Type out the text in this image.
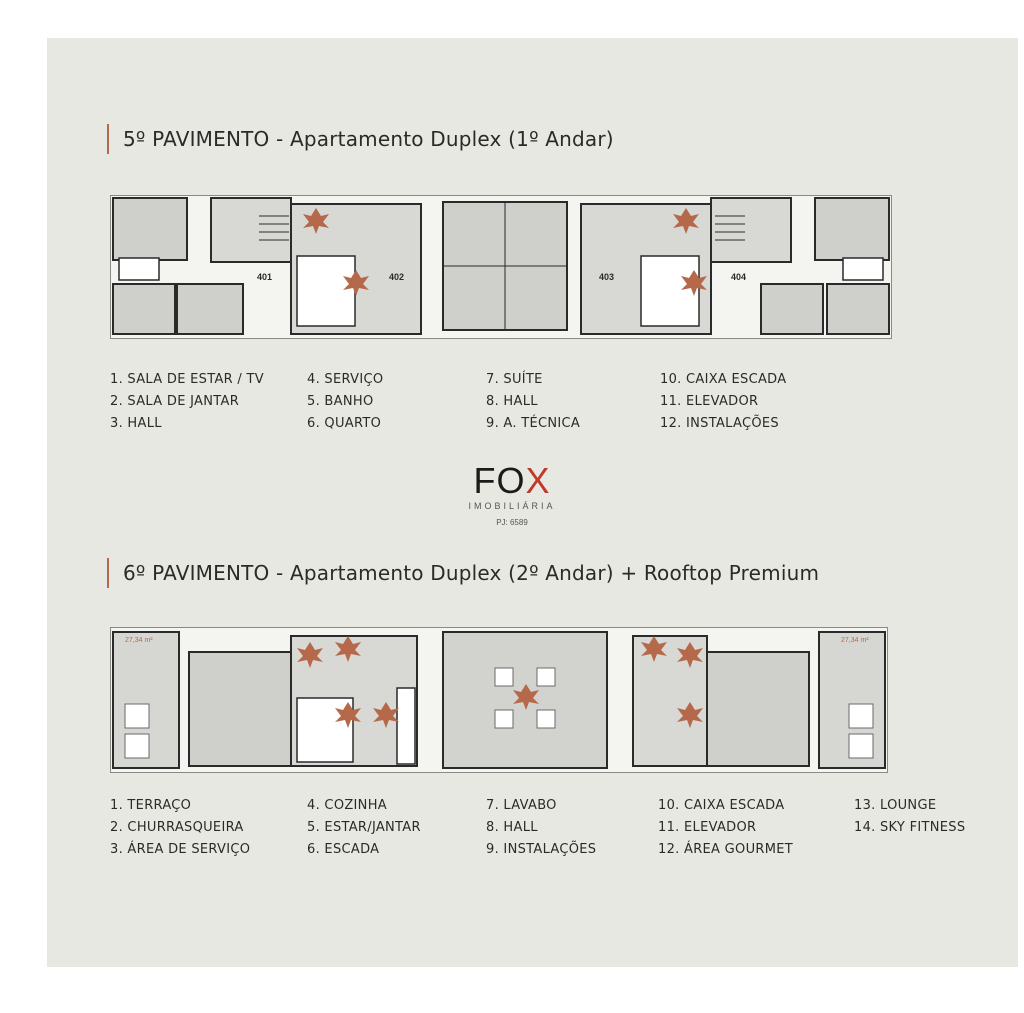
5º PAVIMENTO - Apartamento Duplex (1º Andar)
401	402	403	404
1. SALA DE ESTAR / TV
2. SALA DE JANTAR
3. HALL
4. SERVIÇO
5. BANHO
6. QUARTO
7. SUÍTE
8. HALL
9. A. TÉCNICA
10. CAIXA ESCADA
11. ELEVADOR
12. INSTALAÇÕES
FOX
IMOBILIÁRIA
PJ: 6589
6º PAVIMENTO - Apartamento Duplex (2º Andar) + Rooftop Premium
27,34 m²	27,34 m²
1. TERRAÇO
2. CHURRASQUEIRA
3. ÁREA DE SERVIÇO
4. COZINHA
5. ESTAR/JANTAR
6. ESCADA
7. LAVABO
8. HALL
9. INSTALAÇÕES
10. CAIXA ESCADA
11. ELEVADOR
12. ÁREA GOURMET
13. LOUNGE
14. SKY FITNESS
